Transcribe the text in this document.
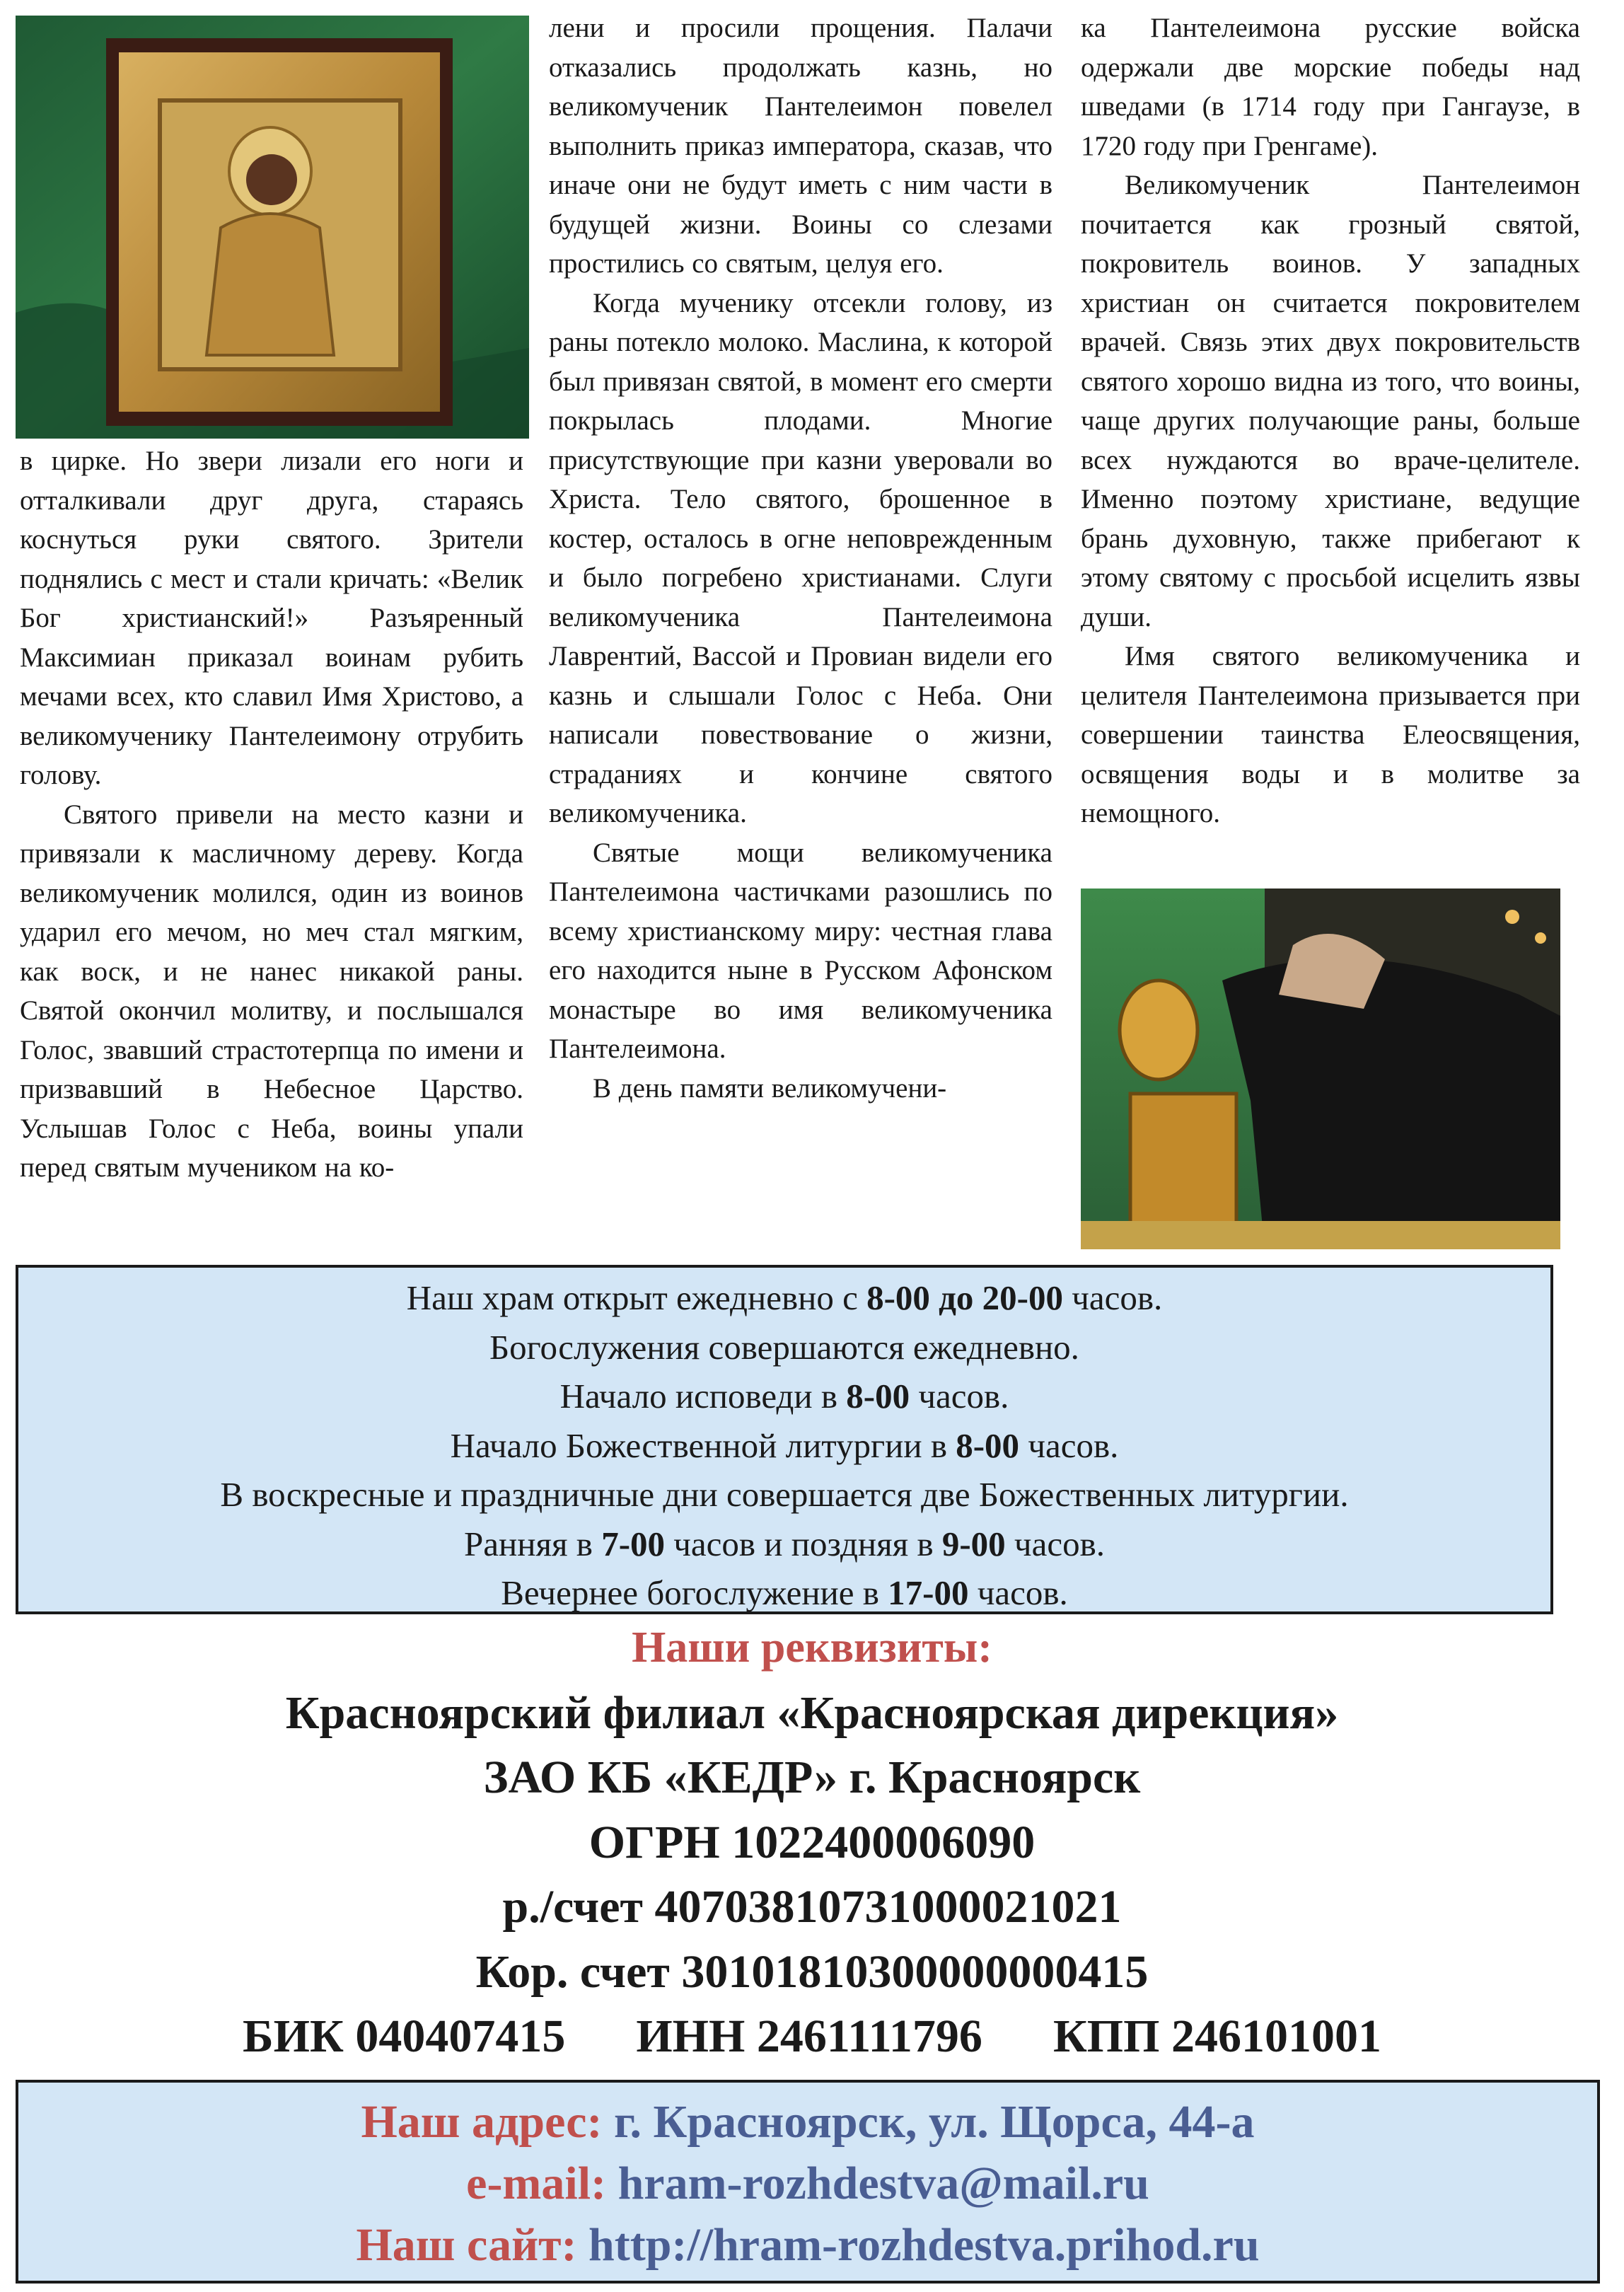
в цирке. Но звери лизали его ноги и отталкивали друг друга, стараясь коснуться руки святого. Зрители поднялись с мест и стали кричать: «Велик Бог христианский!» Разъяренный Максимиан приказал воинам рубить мечами всех, кто славил Имя Христово, а великомученику Пантелеимону отрубить голову.

Святого привели на место казни и привязали к масличному дереву. Когда великомученик молился, один из воинов ударил его мечом, но меч стал мягким, как воск, и не нанес никакой раны. Святой окончил молитву, и послышался Голос, звавший страстотерпца по имени и призвавший в Небесное Царство. Услышав Голос с Неба, воины упали перед святым мучеником на ко-

лени и просили прощения. Палачи отказались продолжать казнь, но великомученик Пантелеимон повелел выполнить приказ императора, сказав, что иначе они не будут иметь с ним части в будущей жизни. Воины со слезами простились со святым, целуя его.

Когда мученику отсекли голову, из раны потекло молоко. Маслина, к которой был привязан святой, в момент его смерти покрылась плодами. Многие присутствующие при казни уверовали во Христа. Тело святого, брошенное в костер, осталось в огне неповрежденным и было погребено христианами. Слуги великомученика Пантелеимона Лаврентий, Вассой и Провиан видели его казнь и слышали Голос с Неба. Они написали повествование о жизни, страданиях и кончине святого великомученика.

Святые мощи великомученика Пантелеимона частичками разошлись по всему христианскому миру: честная глава его находится ныне в Русском Афонском монастыре во имя великомученика Пантелеимона.

В день памяти великомучени-

ка Пантелеимона русские войска одержали две морские победы над шведами (в 1714 году при Гангаузе, в 1720 году при Гренгаме).

Великомученик Пантелеимон почитается как грозный святой, покровитель воинов. У западных христиан он считается покровителем врачей. Связь этих двух покровительств святого хорошо видна из того, что воины, чаще других получающие раны, больше всех нуждаются во враче-целителе. Именно поэтому христиане, ведущие брань духовную, также прибегают к этому святому с просьбой исцелить язвы души.

Имя святого великомученика и целителя Пантелеимона призывается при совершении таинства Елеосвящения, освящения воды и в молитве за немощного.

Наш храм открыт ежедневно с 8-00 до 20-00 часов.
Богослужения совершаются ежедневно.
Начало исповеди в 8-00 часов.
Начало Божественной литургии в 8-00 часов.
В воскресные и праздничные дни совершается две Божественных литургии.
Ранняя в 7-00 часов и поздняя в 9-00 часов.
Вечернее богослужение в 17-00 часов.
Наши реквизиты:
Красноярский филиал «Красноярская дирекция»
ЗАО КБ «КЕДР» г. Красноярск
ОГРН 1022400006090
р./счет 40703810731000021021
Кор. счет 30101810300000000415
БИК 040407415 ИНН 2461111796 КПП 246101001
Наш адрес: г. Красноярск, ул. Щорса, 44-а
e-mail: hram-rozhdestva@mail.ru
Наш сайт: http://hram-rozhdestva.prihod.ru
